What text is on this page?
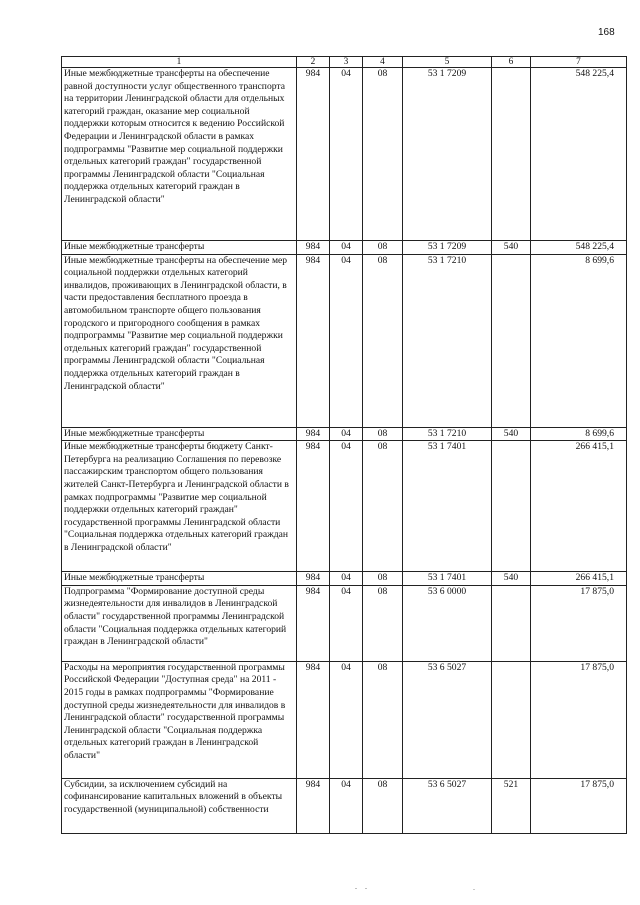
168
1	2	3	4	5	6	7
Иные межбюджетные трансферты на обеспечение равной доступности услуг общественного транспорта на территории Ленинградской области для отдельных категорий граждан, оказание мер социальной поддержки которым относится к ведению Российской Федерации и Ленинградской области в рамках подпрограммы "Развитие мер социальной поддержки отдельных категорий граждан" государственной программы Ленинградской области "Социальная поддержка отдельных категорий граждан в Ленинградской области"	984	04	08	53 1 7209		548 225,4
Иные межбюджетные трансферты	984	04	08	53 1 7209	540	548 225,4
Иные межбюджетные трансферты на обеспечение мер социальной поддержки отдельных категорий инвалидов, проживающих в Ленинградской области, в части предоставления бесплатного проезда в автомобильном транспорте общего пользования городского и пригородного сообщения в рамках подпрограммы "Развитие мер социальной поддержки отдельных категорий граждан" государственной программы Ленинградской области "Социальная поддержка отдельных категорий граждан в Ленинградской области"	984	04	08	53 1 7210		8 699,6
Иные межбюджетные трансферты	984	04	08	53 1 7210	540	8 699,6
Иные межбюджетные трансферты бюджету Санкт-Петербурга на реализацию Соглашения по перевозке пассажирским транспортом общего пользования жителей Санкт-Петербурга и Ленинградской области в рамках подпрограммы "Развитие мер социальной поддержки отдельных категорий граждан" государственной программы Ленинградской области "Социальная поддержка отдельных категорий граждан в Ленинградской области"	984	04	08	53 1 7401		266 415,1
Иные межбюджетные трансферты	984	04	08	53 1 7401	540	266 415,1
Подпрограмма "Формирование доступной среды жизнедеятельности для инвалидов в Ленинградской области" государственной программы Ленинградской области "Социальная поддержка отдельных категорий граждан в Ленинградской области"	984	04	08	53 6 0000		17 875,0
Расходы на мероприятия государственной программы Российской Федерации "Доступная среда" на 2011 - 2015 годы в рамках подпрограммы "Формирование доступной среды жизнедеятельности для инвалидов в Ленинградской области" государственной программы Ленинградской области "Социальная поддержка отдельных категорий граждан в Ленинградской области"	984	04	08	53 6 5027		17 875,0
Субсидии, за исключением субсидий на софинансирование капитальных вложений в объекты государственной (муниципальной) собственности	984	04	08	53 6 5027	521	17 875,0
..	.
